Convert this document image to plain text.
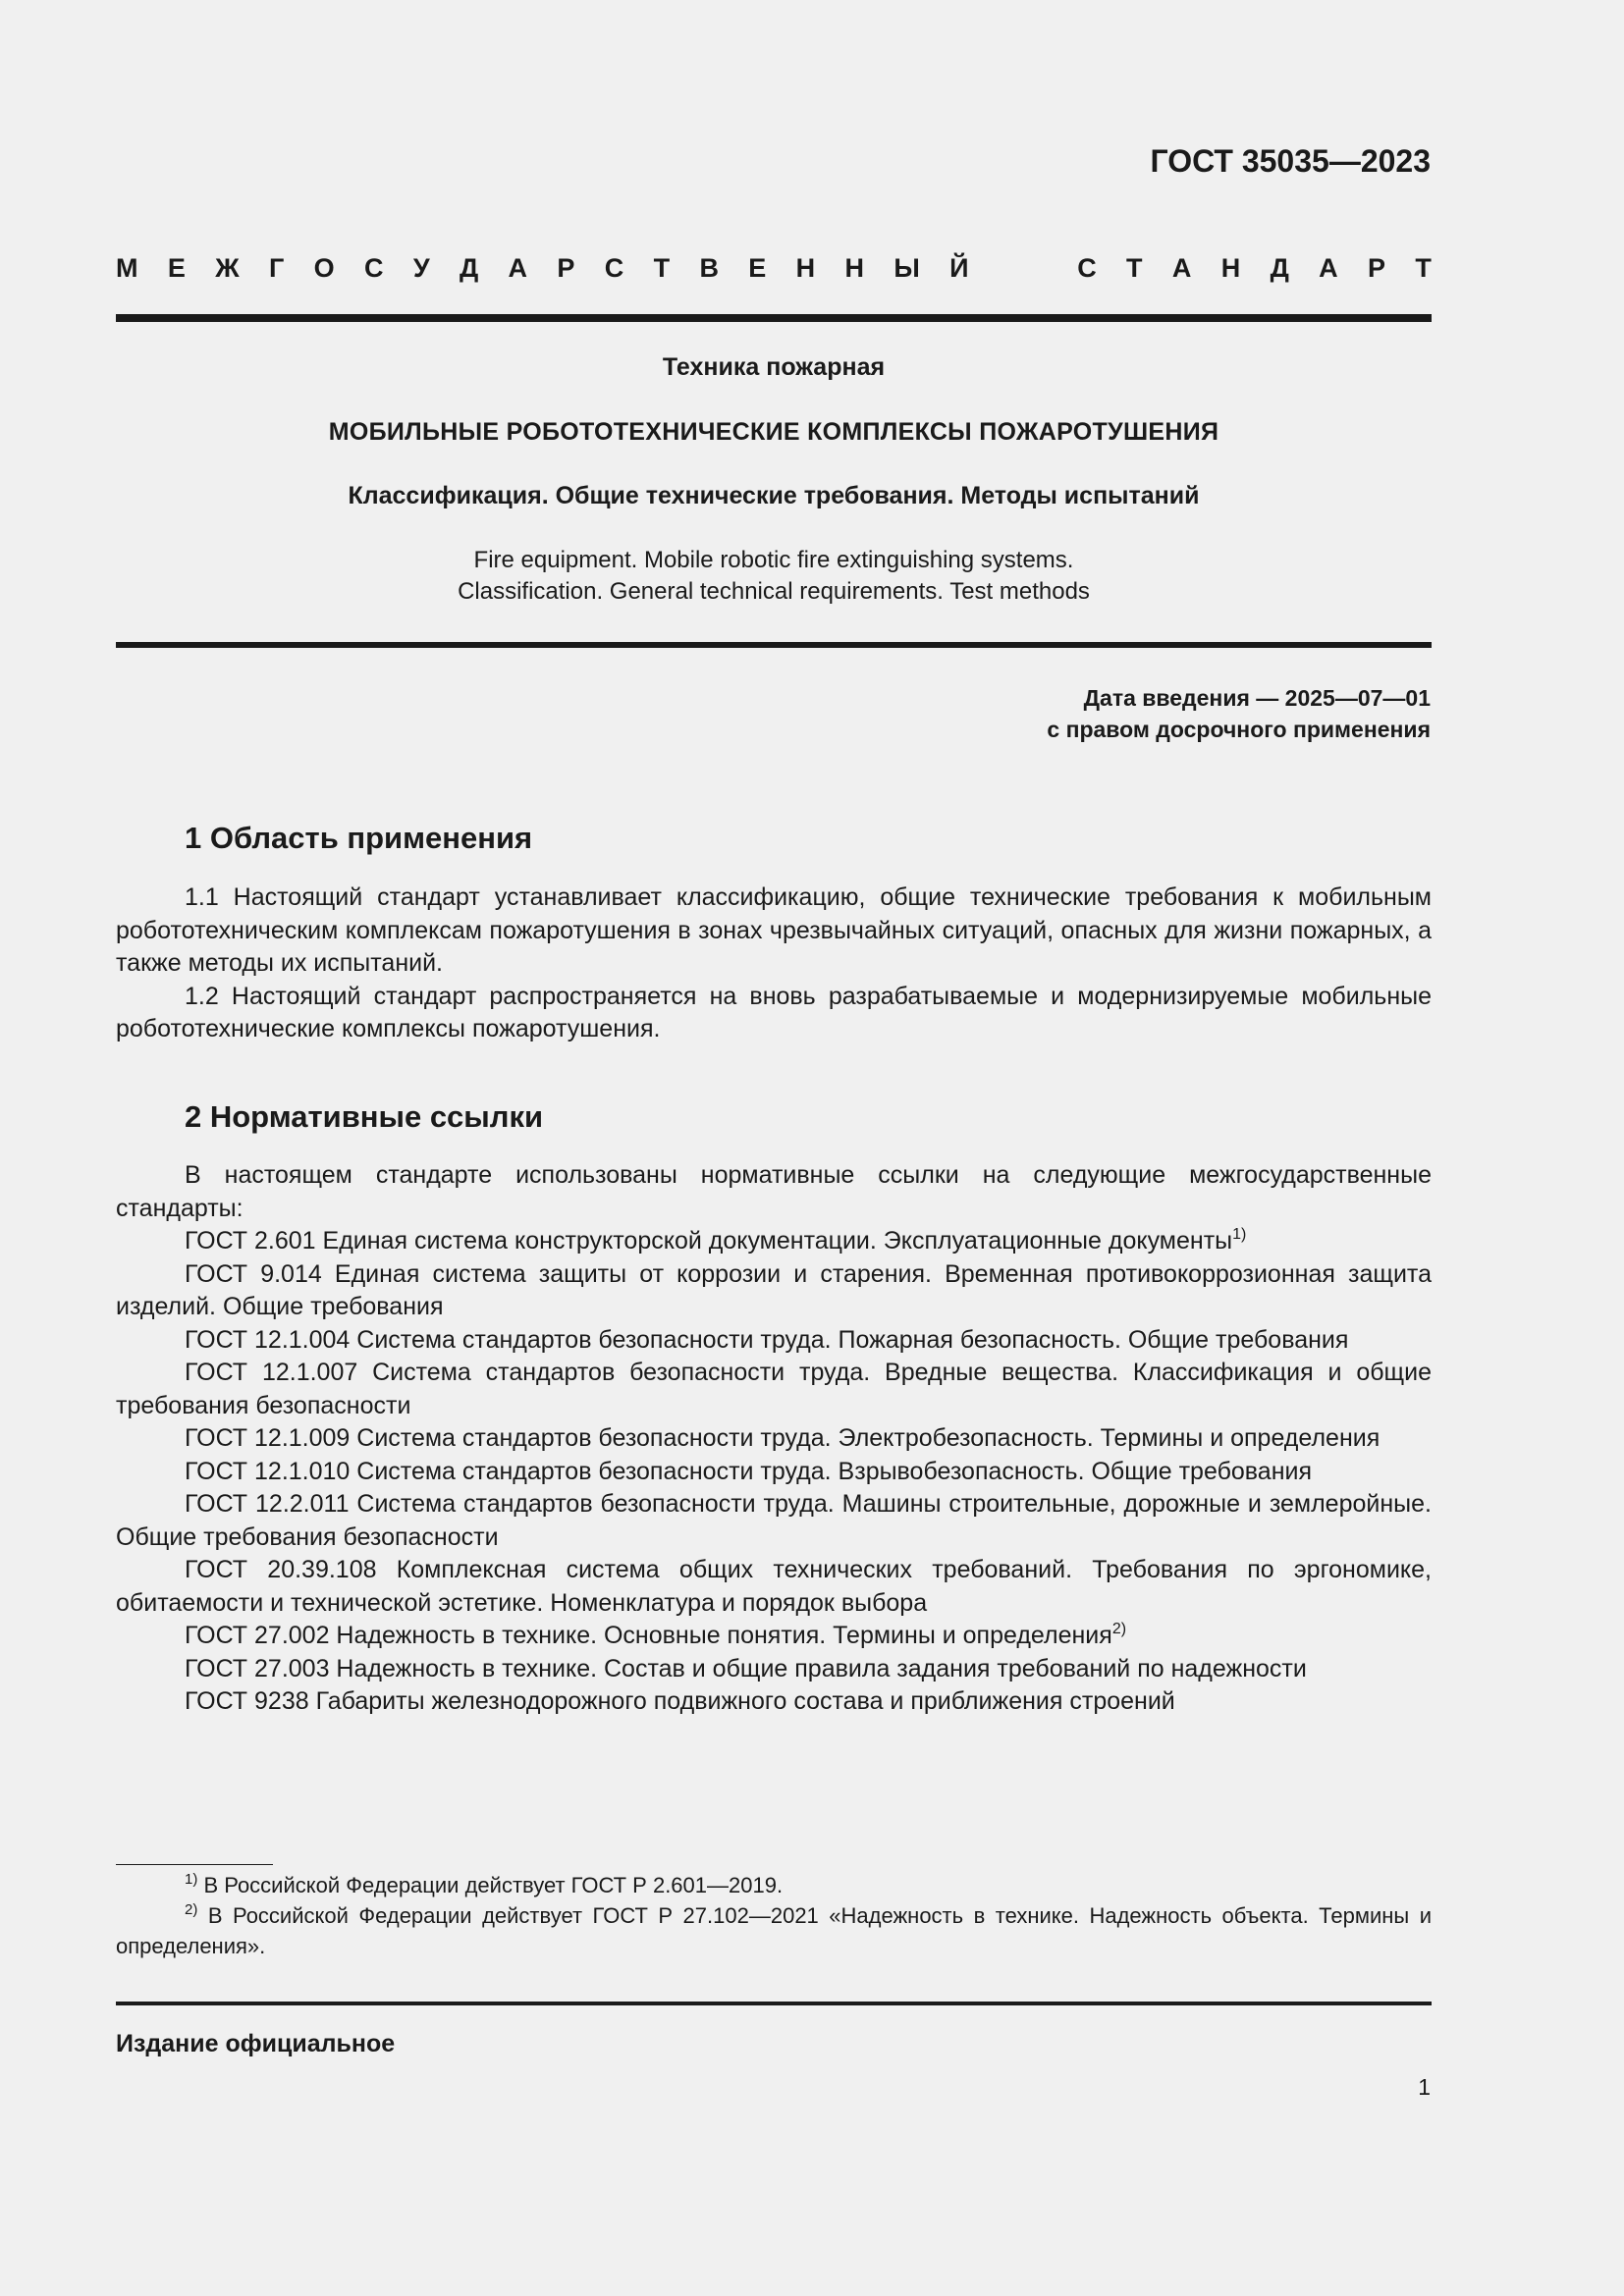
ГОСТ 35035—2023
М Е Ж Г О С У Д А Р С Т В Е Н Н Ы Й	С Т А Н Д А Р Т
Техника пожарная
МОБИЛЬНЫЕ РОБОТОТЕХНИЧЕСКИЕ КОМПЛЕКСЫ ПОЖАРОТУШЕНИЯ
Классификация. Общие технические требования. Методы испытаний
Fire equipment. Mobile robotic fire extinguishing systems.
Classification. General technical requirements. Test methods
Дата введения — 2025—07—01
с правом досрочного применения
1 Область применения

1.1 Настоящий стандарт устанавливает классификацию, общие технические требования к мобильным робототехническим комплексам пожаротушения в зонах чрезвычайных ситуаций, опасных для жизни пожарных, а также методы их испытаний.

1.2 Настоящий стандарт распространяется на вновь разрабатываемые и модернизируемые мобильные робототехнические комплексы пожаротушения.

2 Нормативные ссылки

В настоящем стандарте использованы нормативные ссылки на следующие межгосударственные стандарты:

ГОСТ 2.601 Единая система конструкторской документации. Эксплуатационные документы$^{1)}$

ГОСТ 9.014 Единая система защиты от коррозии и старения. Временная противокоррозионная защита изделий. Общие требования

ГОСТ 12.1.004 Система стандартов безопасности труда. Пожарная безопасность. Общие требования

ГОСТ 12.1.007 Система стандартов безопасности труда. Вредные вещества. Классификация и общие требования безопасности

ГОСТ 12.1.009 Система стандартов безопасности труда. Электробезопасность. Термины и определения

ГОСТ 12.1.010 Система стандартов безопасности труда. Взрывобезопасность. Общие требования

ГОСТ 12.2.011 Система стандартов безопасности труда. Машины строительные, дорожные и землеройные. Общие требования безопасности

ГОСТ 20.39.108 Комплексная система общих технических требований. Требования по эргономике, обитаемости и технической эстетике. Номенклатура и порядок выбора

ГОСТ 27.002 Надежность в технике. Основные понятия. Термины и определения$^{2)}$

ГОСТ 27.003 Надежность в технике. Состав и общие правила задания требований по надежности

ГОСТ 9238 Габариты железнодорожного подвижного состава и приближения строений

$^{1)}$ В Российской Федерации действует ГОСТ Р 2.601—2019.

$^{2)}$ В Российской Федерации действует ГОСТ Р 27.102—2021 «Надежность в технике. Надежность объекта. Термины и определения».

Издание официальное
1
